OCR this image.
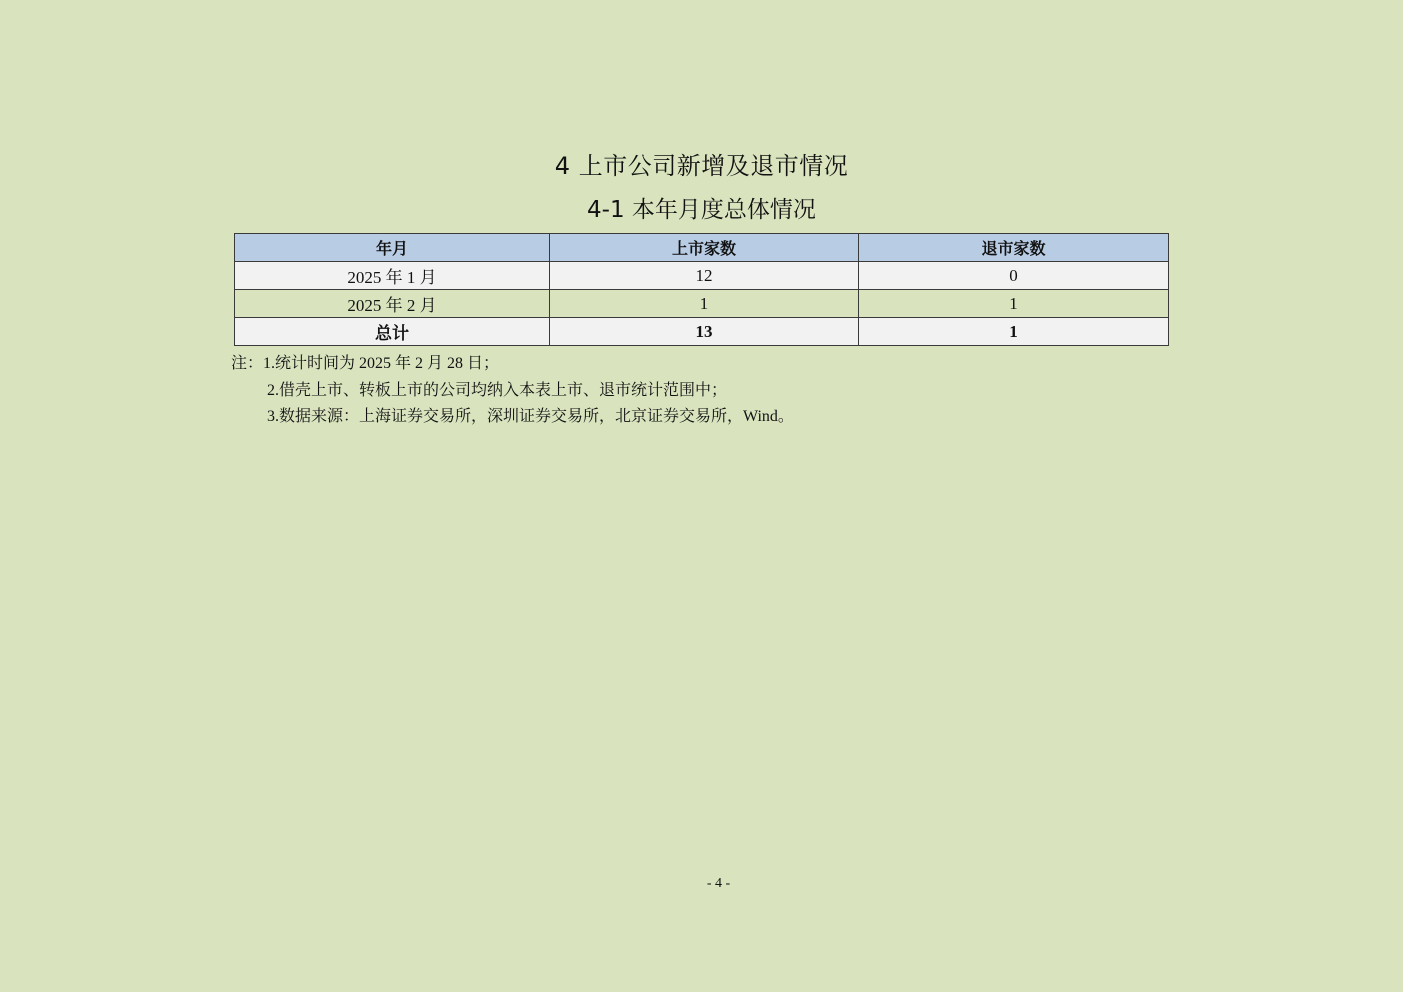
4 上市公司新增及退市情况
4-1 本年月度总体情况
年月	上市家数	退市家数
2025 年 1 月	12	0
2025 年 2 月	1	1
总计	13	1
注：1.统计时间为 2025 年 2 月 28 日；
2.借壳上市、转板上市的公司均纳入本表上市、退市统计范围中；
3.数据来源：上海证券交易所，深圳证券交易所，北京证券交易所，Wind。
- 4 -
